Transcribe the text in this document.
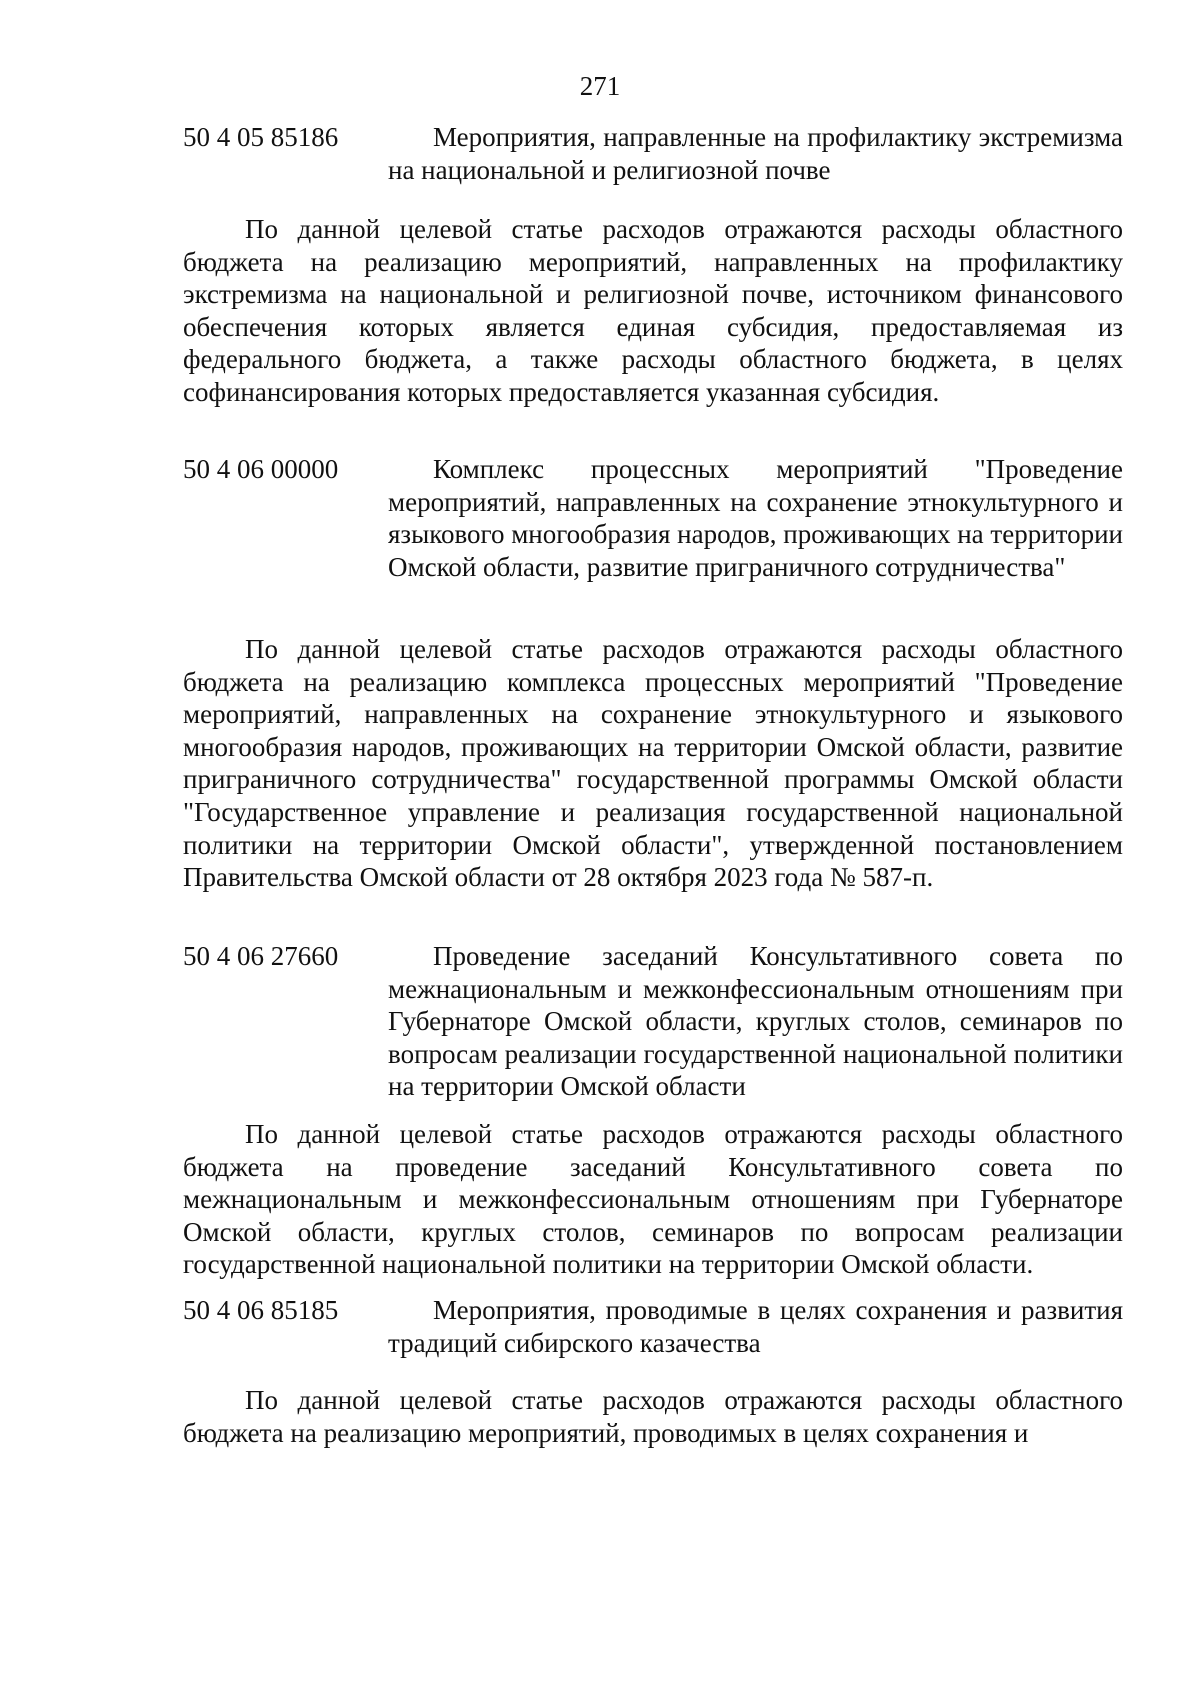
271
50 4 05 85186	Мероприятия, направленные на профилактику экстремизма на национальной и религиозной почве
По данной целевой статье расходов отражаются расходы областного бюджета на реализацию мероприятий, направленных на профилактику экстремизма на национальной и религиозной почве, источником финансового обеспечения которых является единая субсидия, предоставляемая из федерального бюджета, а также расходы областного бюджета, в целях софинансирования которых предоставляется указанная субсидия.
50 4 06 00000	Комплекс процессных мероприятий "Проведение мероприятий, направленных на сохранение этнокультурного и языкового многообразия народов, проживающих на территории Омской области, развитие приграничного сотрудничества"
По данной целевой статье расходов отражаются расходы областного бюджета на реализацию комплекса процессных мероприятий "Проведение мероприятий, направленных на сохранение этнокультурного и языкового многообразия народов, проживающих на территории Омской области, развитие приграничного сотрудничества" государственной программы Омской области "Государственное управление и реализация государственной национальной политики на территории Омской области", утвержденной постановлением Правительства Омской области от 28 октября 2023 года № 587-п.
50 4 06 27660	Проведение заседаний Консультативного совета по межнациональным и межконфессиональным отношениям при Губернаторе Омской области, круглых столов, семинаров по вопросам реализации государственной национальной политики на территории Омской области
По данной целевой статье расходов отражаются расходы областного бюджета на проведение заседаний Консультативного совета по межнациональным и межконфессиональным отношениям при Губернаторе Омской области, круглых столов, семинаров по вопросам реализации государственной национальной политики на территории Омской области.
50 4 06 85185	Мероприятия, проводимые в целях сохранения и развития традиций сибирского казачества
По данной целевой статье расходов отражаются расходы областного бюджета на реализацию мероприятий, проводимых в целях сохранения и
